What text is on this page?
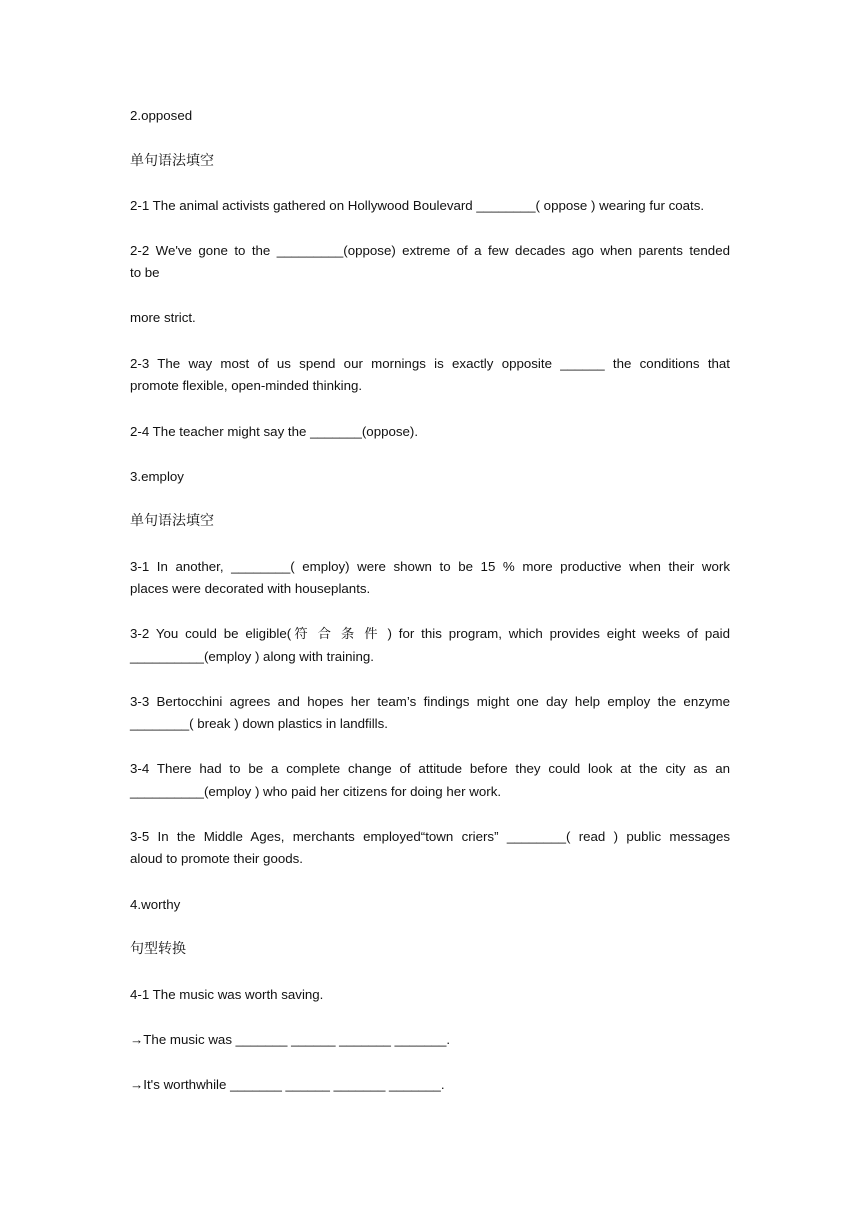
2.opposed

单句语法填空

2-1 The animal activists gathered on Hollywood Boulevard ________( oppose ) wearing fur coats.

2-2 We've gone to the _________(oppose) extreme of a few decades ago when parents tended

to be

more strict.

2-3 The way most of us spend our mornings is exactly opposite ______ the conditions that

promote flexible, open-minded thinking.

2-4 The teacher might say the _______(oppose).

3.employ

单句语法填空

3-1 In another, ________( employ) were shown to be 15 % more productive when their work

places were decorated with houseplants.

3-2 You could be eligible(符 合 条 件 ) for this program, which provides eight weeks of paid

__________(employ ) along with training.

3-3 Bertocchini agrees and hopes her team’s findings might one day help employ the enzyme

________( break ) down plastics in landfills.

3-4 There had to be a complete change of attitude before they could look at the city as an

__________(employ ) who paid her citizens for doing her work.

3-5 In the Middle Ages, merchants employed“town criers” ________( read ) public messages

aloud to promote their goods.

4.worthy

句型转换

4-1 The music was worth saving.

→The music was _______ ______ _______ _______.

→It's worthwhile _______ ______ _______ _______.
